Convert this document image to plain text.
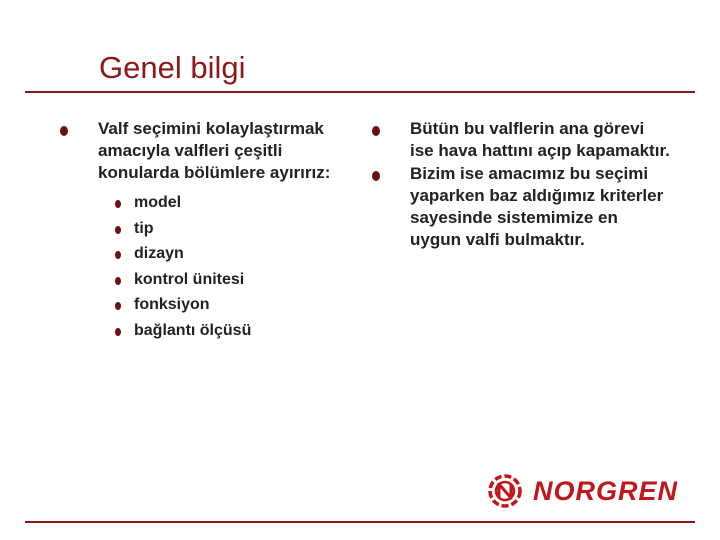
Genel bilgi
Valf seçimini kolaylaştırmak amacıyla valfleri çeşitli konularda bölümlere ayırırız:
model
tip
dizayn
kontrol ünitesi
fonksiyon
bağlantı ölçüsü

Bütün bu valflerin ana görevi ise hava hattını açıp kapamaktır.

Bizim ise amacımız bu seçimi yaparken baz aldığımız kriterler sayesinde sistemimize en uygun valfi bulmaktır.

NORGREN
